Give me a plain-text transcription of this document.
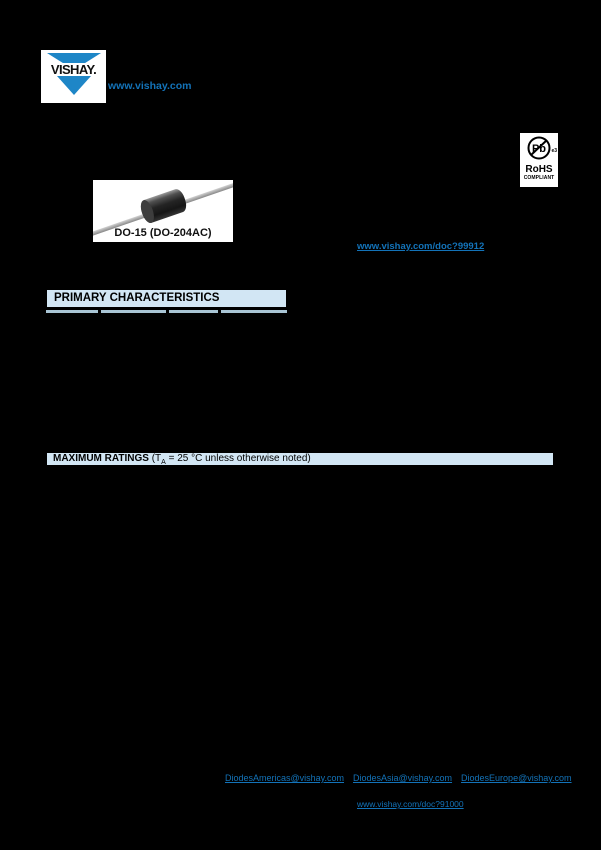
VISHAY.
www.vishay.com
e3
Pb
RoHS
COMPLIANT
DO-15 (DO-204AC)
www.vishay.com/doc?99912
PRIMARY CHARACTERISTICS
MAXIMUM RATINGS ($T_A = 25$ °C unless otherwise noted)
DiodesAmericas@vishay.com DiodesAsia@vishay.com DiodesEurope@vishay.com
www.vishay.com/doc?91000
